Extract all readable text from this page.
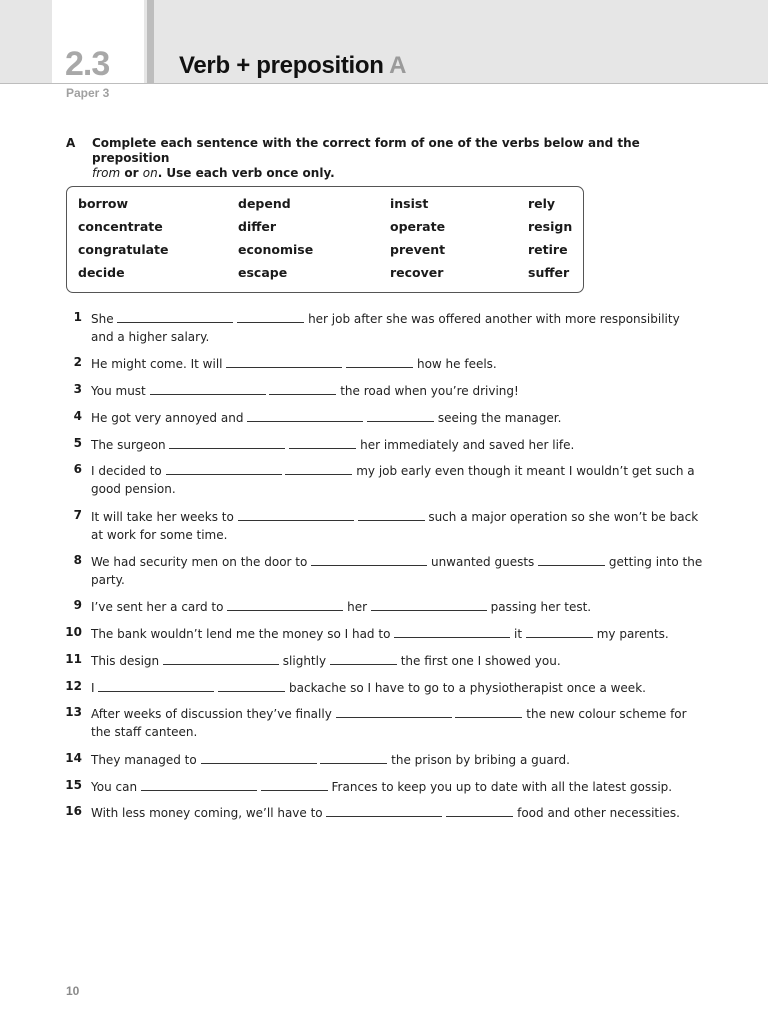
2.3	Verb + preposition A
Paper 3
A Complete each sentence with the correct form of one of the verbs below and the preposition
from or on. Use each verb once only.
borrow	depend	insist	rely
concentrate	differ	operate	resign
congratulate	economise	prevent	retire
decide	escape	recover	suffer
1 She	her job after she was offered another with more responsibility and a higher salary.
2 He might come. It will	how he feels.
3 You must	the road when you’re driving!
4 He got very annoyed and	seeing the manager.
5 The surgeon	her immediately and saved her life.
6 I decided to	my job early even though it meant I wouldn’t get such a good pension.
7 It will take her weeks to	such a major operation so she won’t be back at work for some time.
8 We had security men on the door to	unwanted guests	getting into the party.
9 I’ve sent her a card to	her	passing her test.
10 The bank wouldn’t lend me the money so I had to	it	my parents.
11 This design	slightly	the first one I showed you.
12 I	backache so I have to go to a physiotherapist once a week.
13 After weeks of discussion they’ve finally	the new colour scheme for the staff canteen.
14 They managed to	the prison by bribing a guard.
15 You can	Frances to keep you up to date with all the latest gossip.
16 With less money coming, we’ll have to	food and other necessities.
10
